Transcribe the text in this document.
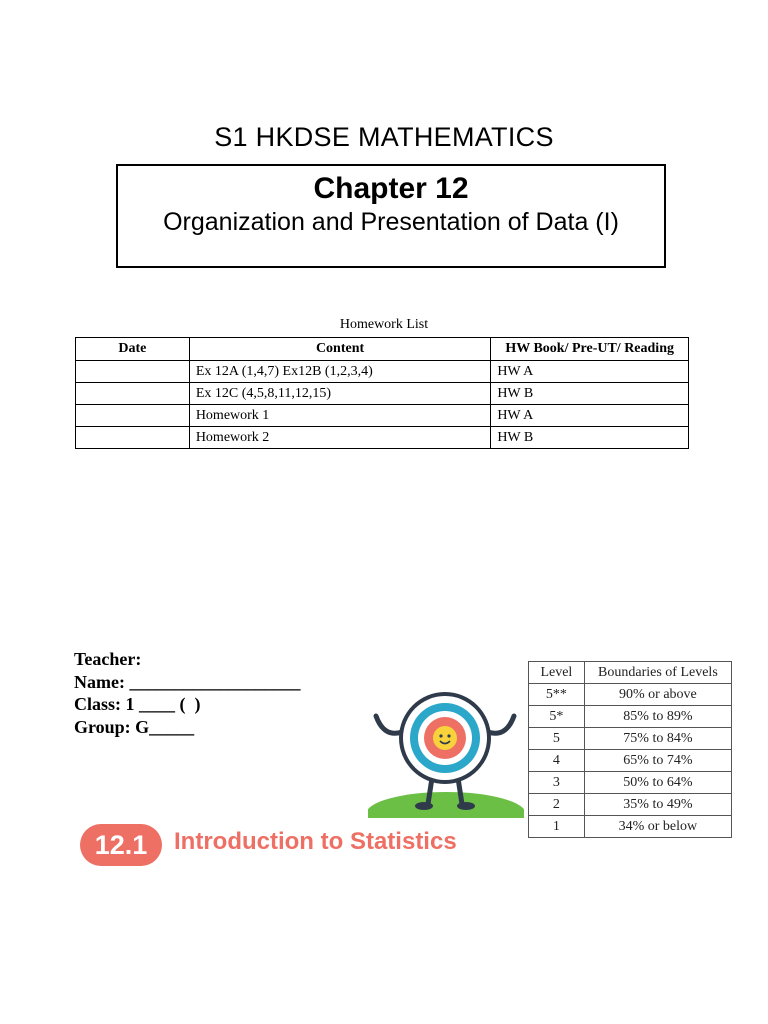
S1 HKDSE MATHEMATICS
Chapter 12
Organization and Presentation of Data (I)
Homework List
Date	Content	HW Book/ Pre-UT/ Reading
	Ex 12A (1,4,7) Ex12B (1,2,3,4)	HW A
	Ex 12C (4,5,8,11,12,15)	HW B
	Homework 1	HW A
	Homework 2	HW B
Teacher:
Name: ___________________
Class: 1 ____ (  )
Group: G_____
12.1	Introduction to Statistics
Level	Boundaries of Levels
5**	90% or above
5*	85% to 89%
5	75% to 84%
4	65% to 74%
3	50% to 64%
2	35% to 49%
1	34% or below
